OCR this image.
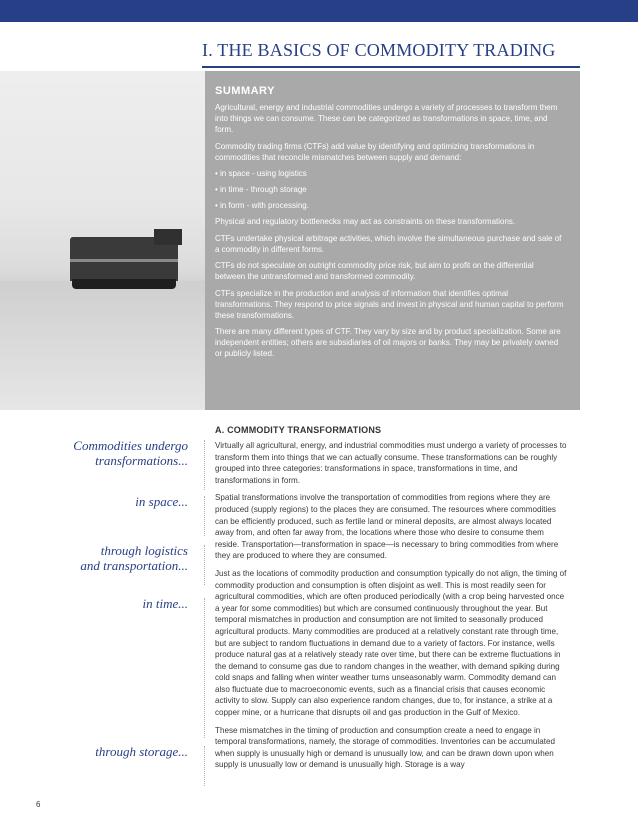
I. THE BASICS OF COMMODITY TRADING
SUMMARY

Agricultural, energy and industrial commodities undergo a variety of processes to transform them into things we can consume. These can be categorized as transformations in space, time, and form.

Commodity trading firms (CTFs) add value by identifying and optimizing transformations in commodities that reconcile mismatches between supply and demand:

• in space - using logistics

• in time - through storage

• in form - with processing.

Physical and regulatory bottlenecks may act as constraints on these transformations.

CTFs undertake physical arbitrage activities, which involve the simultaneous purchase and sale of a commodity in different forms.

CTFs do not speculate on outright commodity price risk, but aim to profit on the differential between the untransformed and transformed commodity.

CTFs specialize in the production and analysis of information that identifies optimal transformations. They respond to price signals and invest in physical and human capital to perform these transformations.

There are many different types of CTF. They vary by size and by product specialization. Some are independent entities; others are subsidiaries of oil majors or banks. They may be privately owned or publicly listed.

Commodities undergo
transformations...
in space...
through logistics
and transportation...
in time...
through storage...
A. COMMODITY TRANSFORMATIONS

Virtually all agricultural, energy, and industrial commodities must undergo a variety of processes to transform them into things that we can actually consume. These transformations can be roughly grouped into three categories: transformations in space, transformations in time, and transformations in form.

Spatial transformations involve the transportation of commodities from regions where they are produced (supply regions) to the places they are consumed. The resources where commodities can be efficiently produced, such as fertile land or mineral deposits, are almost always located away from, and often far away from, the locations where those who desire to consume them reside. Transportation—transformation in space—is necessary to bring commodities from where they are produced to where they are consumed.

Just as the locations of commodity production and consumption typically do not align, the timing of commodity production and consumption is often disjoint as well. This is most readily seen for agricultural commodities, which are often produced periodically (with a crop being harvested once a year for some commodities) but which are consumed continuously throughout the year. But temporal mismatches in production and consumption are not limited to seasonally produced agricultural products. Many commodities are produced at a relatively constant rate through time, but are subject to random fluctuations in demand due to a variety of factors. For instance, wells produce natural gas at a relatively steady rate over time, but there can be extreme fluctuations in the demand to consume gas due to random changes in the weather, with demand spiking during cold snaps and falling when winter weather turns unseasonably warm. Commodity demand can also fluctuate due to macroeconomic events, such as a financial crisis that causes economic activity to slow. Supply can also experience random changes, due to, for instance, a strike at a copper mine, or a hurricane that disrupts oil and gas production in the Gulf of Mexico.

These mismatches in the timing of production and consumption create a need to engage in temporal transformations, namely, the storage of commodities. Inventories can be accumulated when supply is unusually high or demand is unusually low, and can be drawn down upon when supply is unusually low or demand is unusually high. Storage is a way

6
